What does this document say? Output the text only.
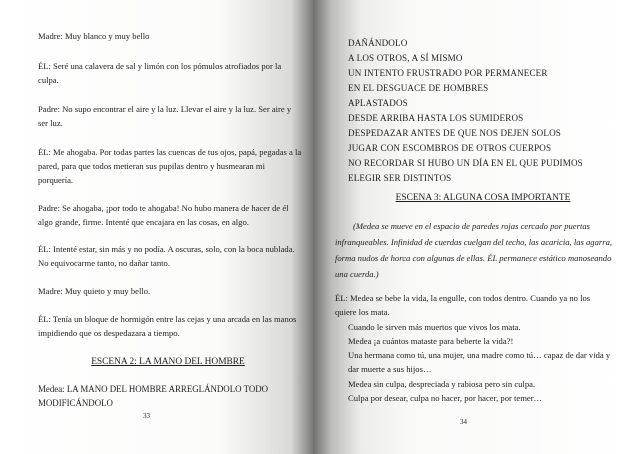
Madre: Muy blanco y muy bello
ÉL: Seré una calavera de sal y limón con los pómulos atrofiados por la
culpa.
Padre: No supo encontrar el aire y la luz. Llevar el aire y la luz. Ser aire y
ser luz.
ÉL: Me ahogaba. Por todas partes las cuencas de tus ojos, papá, pegadas a la
pared, para que todos metieran sus pupilas dentro y husmearan mi
porquería.
Padre: Se ahogaba, ¡por todo te ahogaba! No hubo manera de hacer de él
algo grande, firme. Intenté que encajara en las cosas, en algo.
ÉL: Intenté estar, sin más y no podía. A oscuras, solo, con la boca nublada.
No equivocarme tanto, no dañar tanto.
Madre: Muy quieto y muy bello.
ÉL: Tenía un bloque de hormigón entre las cejas y una arcada en las manos
impidiendo que os despedazara a tiempo.
ESCENA 2: LA MANO DEL HOMBRE
Medea: LA MANO DEL HOMBRE ARREGLÁNDOLO TODO
MODIFICÁNDOLO
33
DAÑÁNDOLO
A LOS OTROS, A SÍ MISMO
UN INTENTO FRUSTRADO POR PERMANECER
EN EL DESGUACE DE HOMBRES
APLASTADOS
DESDE ARRIBA HASTA LOS SUMIDEROS
DESPEDAZAR ANTES DE QUE NOS DEJEN SOLOS
JUGAR CON ESCOMBROS DE OTROS CUERPOS
NO RECORDAR SI HUBO UN DÍA EN EL QUE PUDIMOS
ELEGIR SER DISTINTOS
ESCENA 3: ALGUNA COSA IMPORTANTE
(Medea se mueve en el espacio de paredes rojas cercado por puertas
infranqueables. Infinidad de cuerdas cuelgan del techo, las acaricia, las agarra,
forma nudos de horca con algunas de ellas. ÉL permanece estático manoseando
una cuerda.)
ÉL: Medea se bebe la vida, la engulle, con todos dentro. Cuando ya no los
quiere los mata.
Cuando le sirven más muertos que vivos los mata.
Medea ¡a cuántos mataste para beberte la vida?!
Una hermana como tú, una mujer, una madre como tú… capaz de dar vida y
dar muerte a sus hijos…
Medea sin culpa, despreciada y rabiosa pero sin culpa.
Culpa por desear, culpa no hacer, por hacer, por temer…
34
